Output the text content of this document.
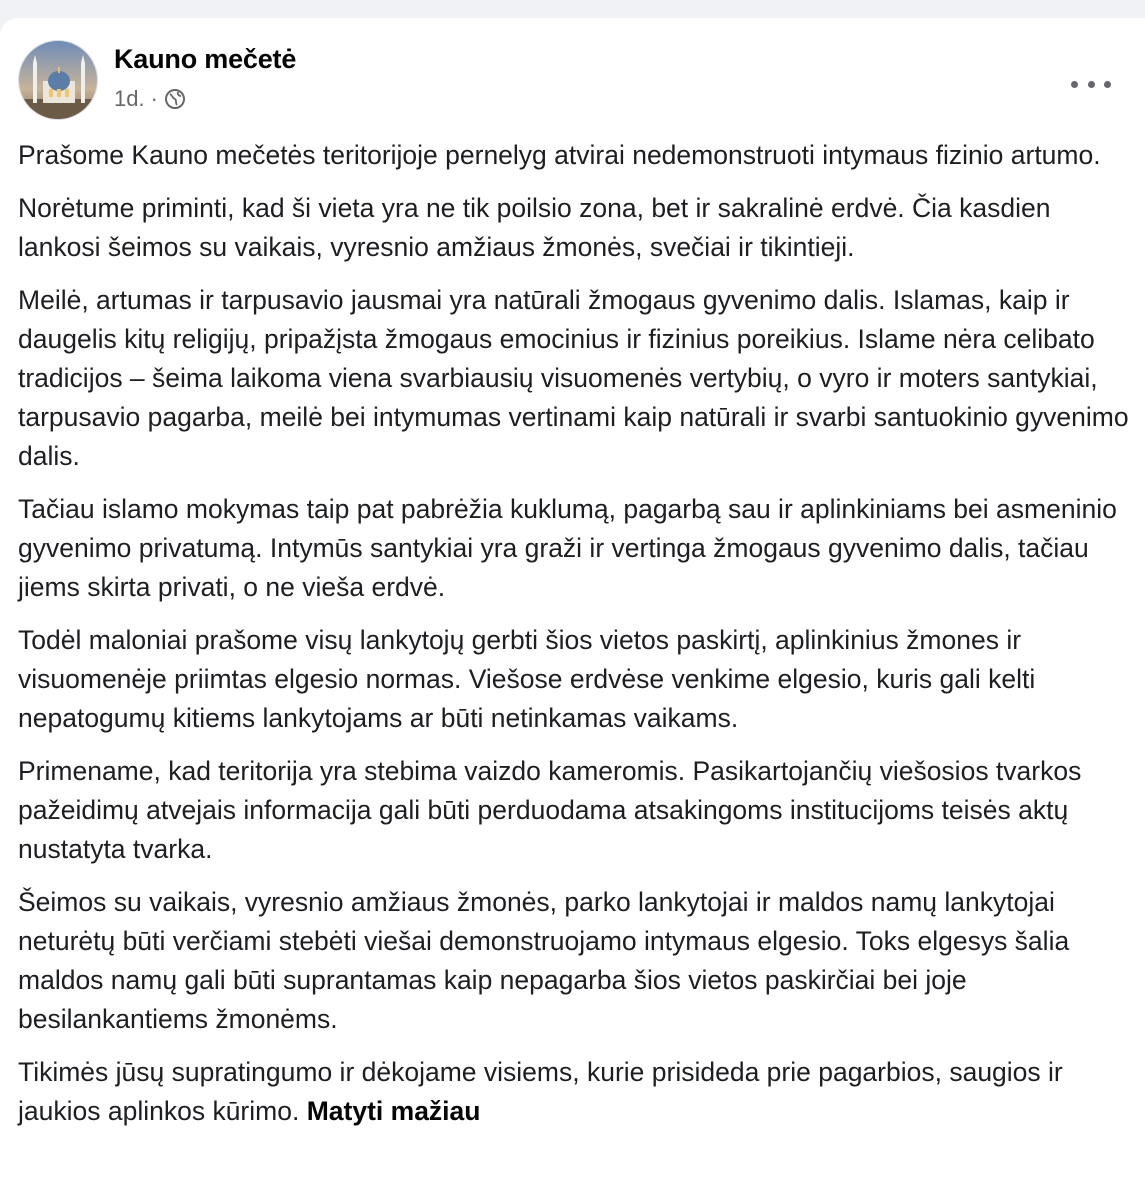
Kauno mečetė
1d. ·

Prašome Kauno mečetės teritorijoje pernelyg atvirai nedemonstruoti intymaus fizinio artumo.

Norėtume priminti, kad ši vieta yra ne tik poilsio zona, bet ir sakralinė erdvė. Čia kasdien lankosi šeimos su vaikais, vyresnio amžiaus žmonės, svečiai ir tikintieji.

Meilė, artumas ir tarpusavio jausmai yra natūrali žmogaus gyvenimo dalis. Islamas, kaip ir daugelis kitų religijų, pripažįsta žmogaus emocinius ir fizinius poreikius. Islame nėra celibato tradicijos – šeima laikoma viena svarbiausių visuomenės vertybių, o vyro ir moters santykiai, tarpusavio pagarba, meilė bei intymumas vertinami kaip natūrali ir svarbi santuokinio gyvenimo dalis.

Tačiau islamo mokymas taip pat pabrėžia kuklumą, pagarbą sau ir aplinkiniams bei asmeninio gyvenimo privatumą. Intymūs santykiai yra graži ir vertinga žmogaus gyvenimo dalis, tačiau jiems skirta privati, o ne vieša erdvė.

Todėl maloniai prašome visų lankytojų gerbti šios vietos paskirtį, aplinkinius žmones ir visuomenėje priimtas elgesio normas. Viešose erdvėse venkime elgesio, kuris gali kelti nepatogumų kitiems lankytojams ar būti netinkamas vaikams.

Primename, kad teritorija yra stebima vaizdo kameromis. Pasikartojančių viešosios tvarkos pažeidimų atvejais informacija gali būti perduodama atsakingoms institucijoms teisės aktų nustatyta tvarka.

Šeimos su vaikais, vyresnio amžiaus žmonės, parko lankytojai ir maldos namų lankytojai neturėtų būti verčiami stebėti viešai demonstruojamo intymaus elgesio. Toks elgesys šalia maldos namų gali būti suprantamas kaip nepagarba šios vietos paskirčiai bei joje besilankantiems žmonėms.

Tikimės jūsų supratingumo ir dėkojame visiems, kurie prisideda prie pagarbios, saugios ir jaukios aplinkos kūrimo. Matyti mažiau
